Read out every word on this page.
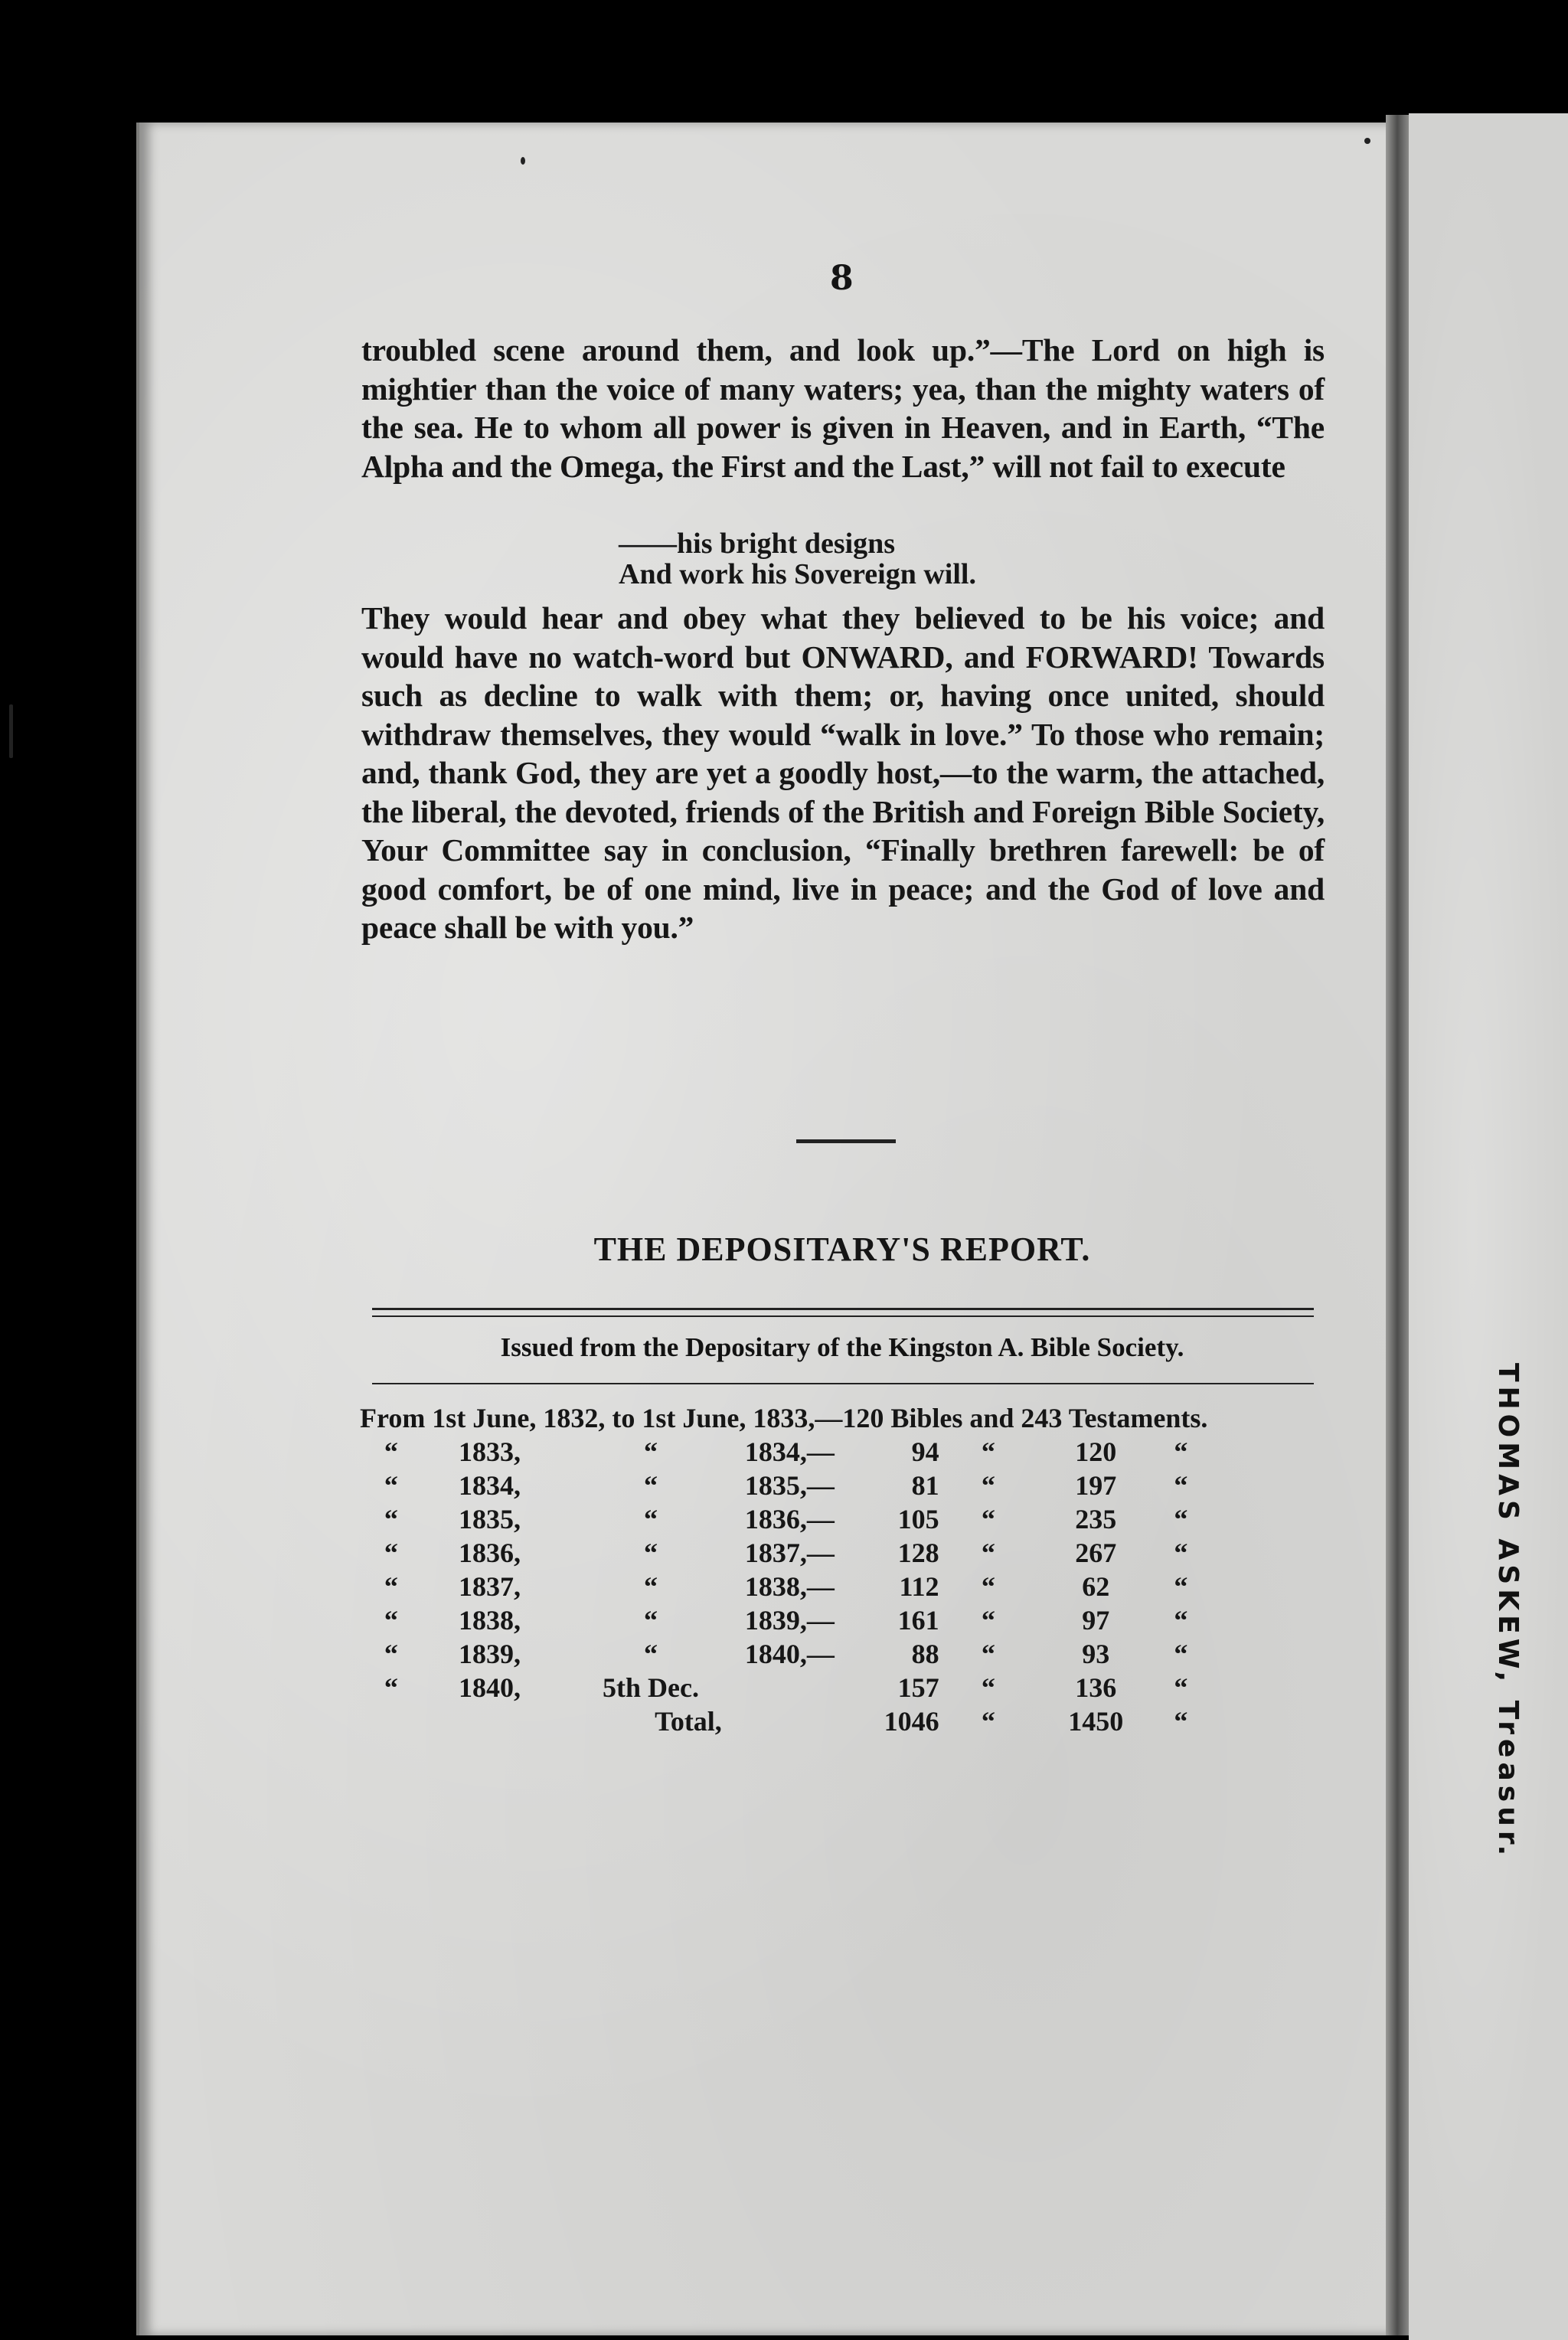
THOMAS ASKEW, Treasur.
8
troubled scene around them, and look up.”—The Lord on high is mightier than the voice of many waters; yea, than the mighty waters of the sea. He to whom all power is given in Heaven, and in Earth, “The Alpha and the Omega, the First and the Last,” will not fail to execute
——his bright designs
And work his Sovereign will.
They would hear and obey what they believed to be his voice; and would have no watch-word but ONWARD, and FORWARD! Towards such as decline to walk with them; or, having once united, should withdraw themselves, they would “walk in love.” To those who remain; and, thank God, they are yet a goodly host,—to the warm, the attached, the liberal, the devoted, friends of the British and Foreign Bible Society, Your Committee say in conclusion, “Finally brethren farewell: be of good comfort, be of one mind, live in peace; and the God of love and peace shall be with you.”
THE DEPOSITARY'S REPORT.
Issued from the Depositary of the Kingston A. Bible Society.
From 1st June, 1832, to 1st June, 1833,—120 Bibles and 243 Testaments.							
“	1833,	“	1834,—	94	“	120	“
“	1834,	“	1835,—	81	“	197	“
“	1835,	“	1836,—	105	“	235	“
“	1836,	“	1837,—	128	“	267	“
“	1837,	“	1838,—	112	“	62	“
“	1838,	“	1839,—	161	“	97	“
“	1839,	“	1840,—	88	“	93	“
“	1840,	5th Dec.		157	“	136	“
		Total,		1046	“	1450	“
